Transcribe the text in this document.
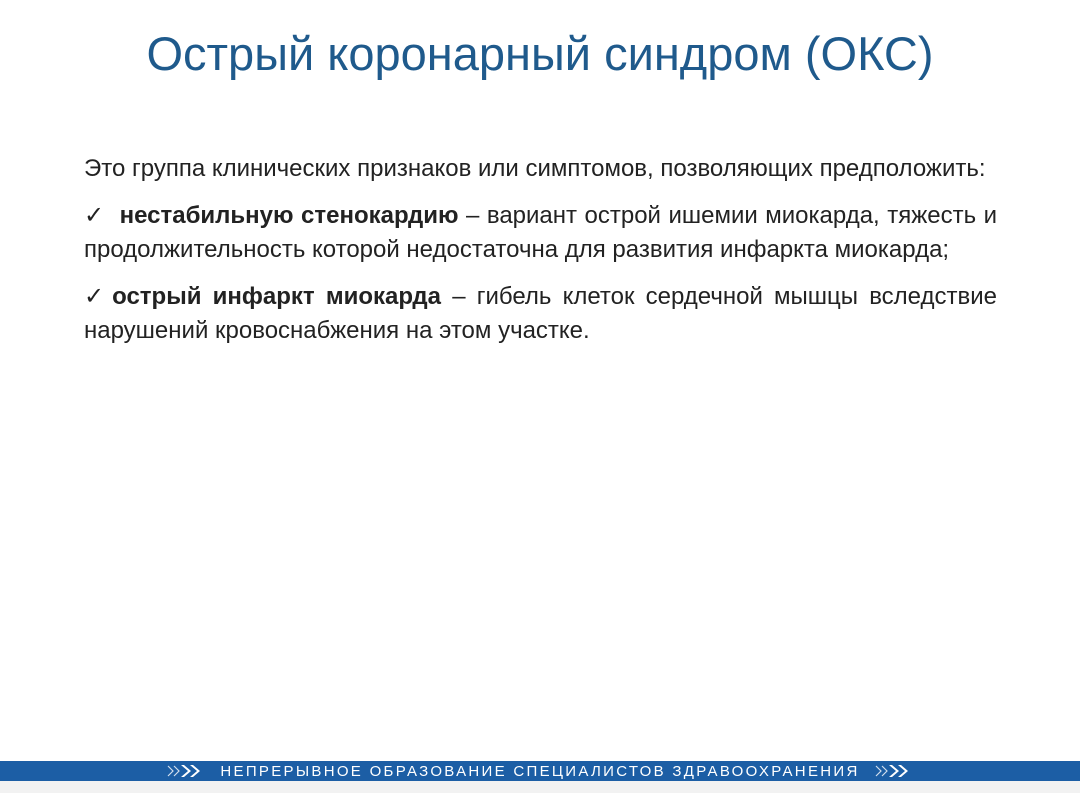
Острый коронарный синдром (ОКС)

Это группа клинических признаков или симптомов, позволяющих предположить:

✓ нестабильную стенокардию – вариант острой ишемии миокарда, тяжесть и продолжительность которой недостаточна для развития инфаркта миокарда;

✓ острый инфаркт миокарда – гибель клеток сердечной мышцы вследствие нарушений кровоснабжения на этом участке.

НЕПРЕРЫВНОЕ ОБРАЗОВАНИЕ СПЕЦИАЛИСТОВ ЗДРАВООХРАНЕНИЯ
